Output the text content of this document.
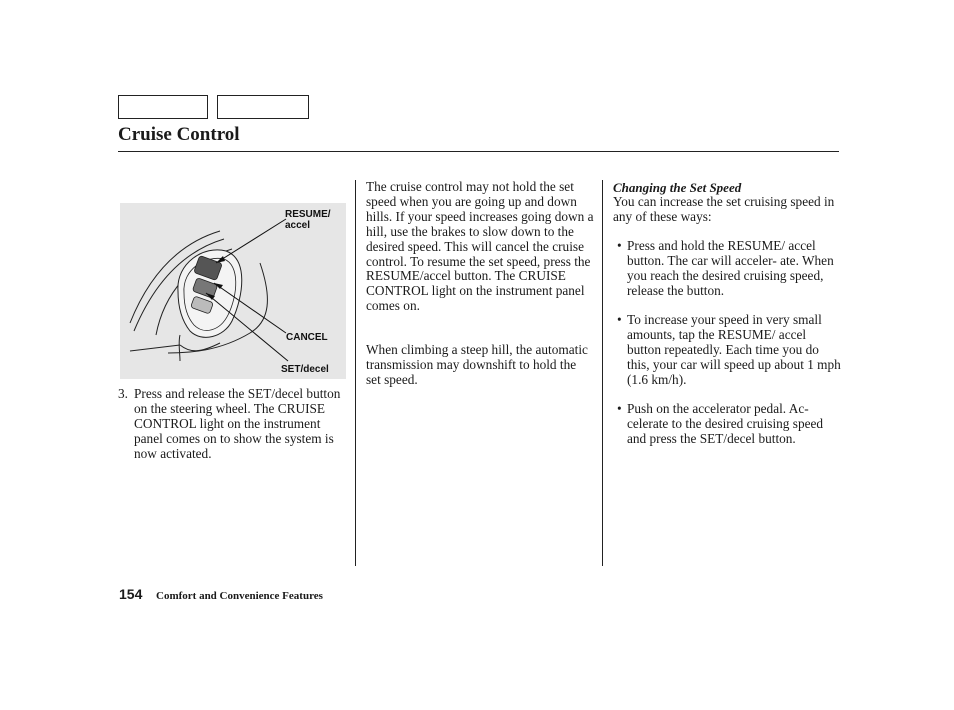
Cruise Control
RESUME/
accel
CANCEL
SET/decel
3. Press and release the SET/decel button on the steering wheel. The CRUISE CONTROL light on the instrument panel comes on to show the system is now activated.
The cruise control may not hold the set speed when you are going up and down hills. If your speed increases going down a hill, use the brakes to slow down to the desired speed. This will cancel the cruise control. To resume the set speed, press the RESUME/accel button. The CRUISE CONTROL light on the instrument panel comes on.
When climbing a steep hill, the automatic transmission may downshift to hold the set speed.
Changing the Set Speed
You can increase the set cruising speed in any of these ways:
• Press and hold the RESUME/ accel button. The car will acceler- ate. When you reach the desired cruising speed, release the button.
• To increase your speed in very small amounts, tap the RESUME/ accel button repeatedly. Each time you do this, your car will speed up about 1 mph (1.6 km/h).
• Push on the accelerator pedal. Ac- celerate to the desired cruising speed and press the SET/decel button.
154 Comfort and Convenience Features
